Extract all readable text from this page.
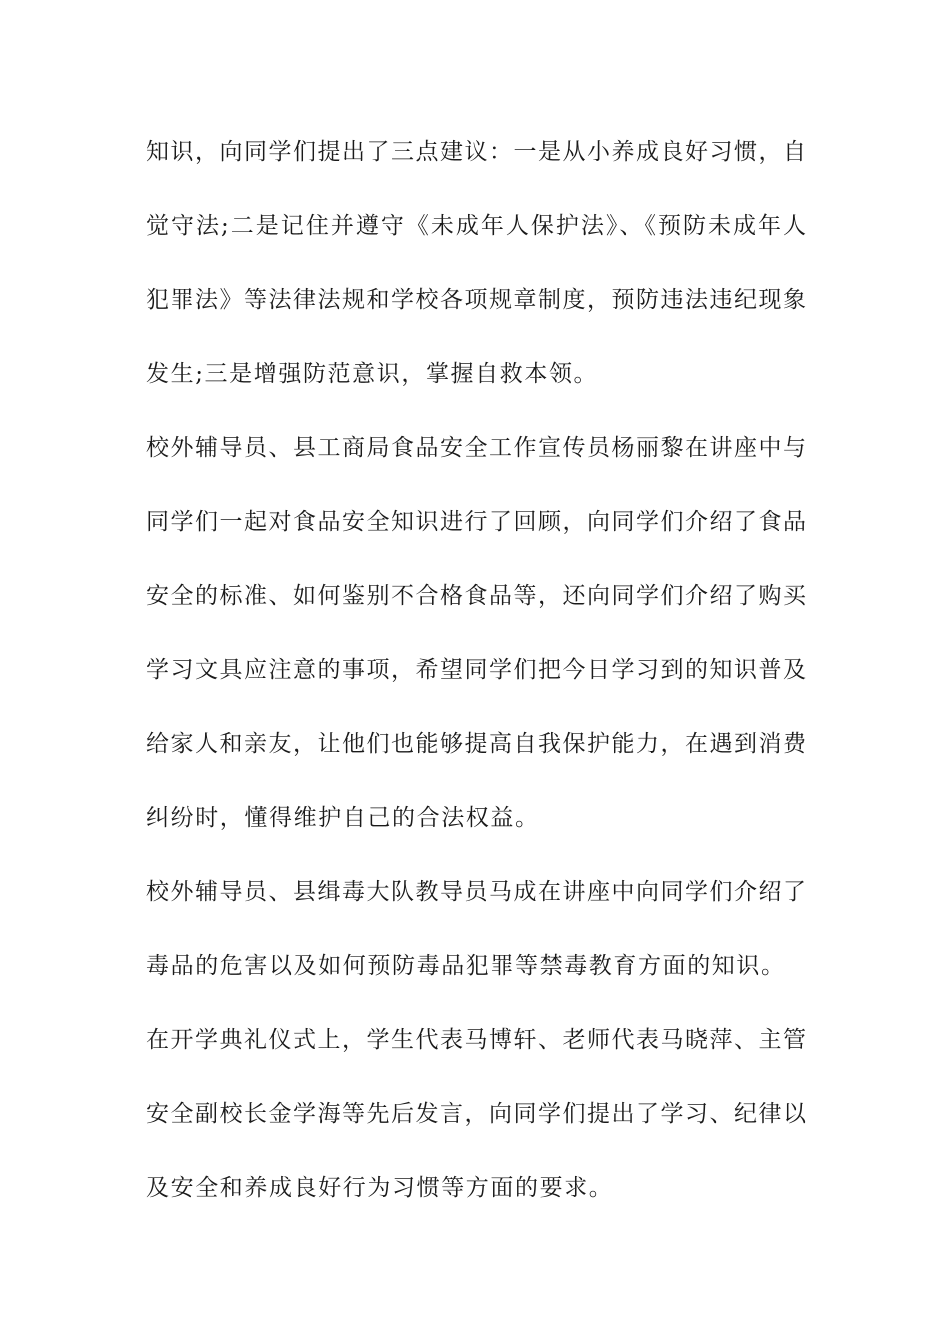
知识，向同学们提出了三点建议：一是从小养成良好习惯，自
觉守法;二是记住并遵守《未成年人保护法》、《预防未成年人
犯罪法》等法律法规和学校各项规章制度，预防违法违纪现象
发生;三是增强防范意识，掌握自救本领。
校外辅导员、县工商局食品安全工作宣传员杨丽黎在讲座中与
同学们一起对食品安全知识进行了回顾，向同学们介绍了食品
安全的标准、如何鉴别不合格食品等，还向同学们介绍了购买
学习文具应注意的事项，希望同学们把今日学习到的知识普及
给家人和亲友，让他们也能够提高自我保护能力，在遇到消费
纠纷时，懂得维护自己的合法权益。
校外辅导员、县缉毒大队教导员马成在讲座中向同学们介绍了
毒品的危害以及如何预防毒品犯罪等禁毒教育方面的知识。
在开学典礼仪式上，学生代表马博轩、老师代表马晓萍、主管
安全副校长金学海等先后发言，向同学们提出了学习、纪律以
及安全和养成良好行为习惯等方面的要求。
